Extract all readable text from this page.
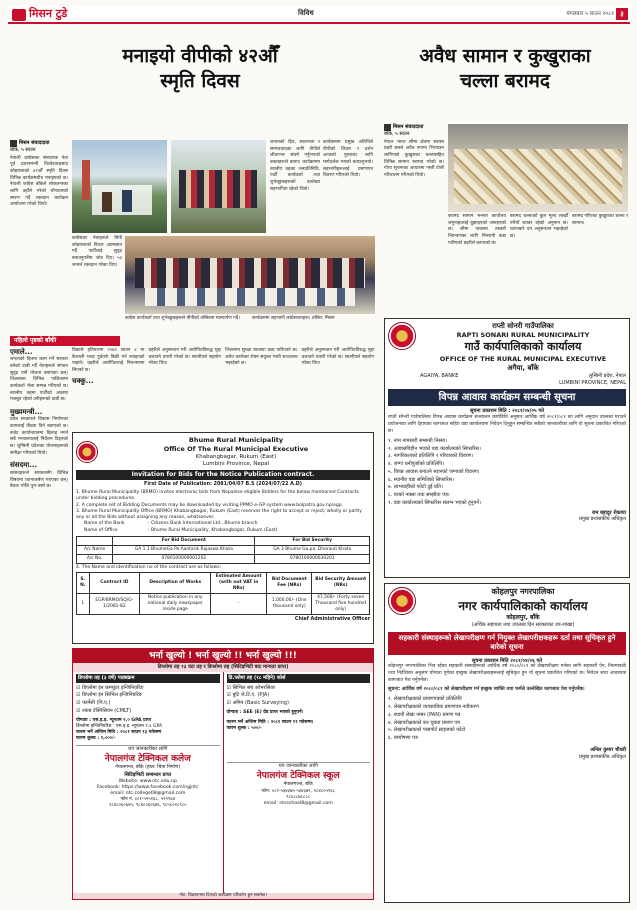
मिसन टुडे	विविध	मंगलबार ५ साउन २०८१ ३
मनाइयो वीपीको ४२औँ
स्मृति दिवस
अवैध सामान र कुखुराका
चल्ला बरामद
मिसन संवाददाता
बाँके, ५ साउन
नेपाली कांग्रेसका संस्थापक नेता पूर्व प्रधानमन्त्री विश्वेश्वरप्रसाद कोइरालाको ४२औँ स्मृति दिवस विभिन्न कार्यक्रमबीच मनाइएको छ। नेपाली कांग्रेस बाँकेले लोकतन्त्रका लागि उहाँले गरेको योगदानको स्मरण गर्दै रक्तदान कार्यक्रम आयोजना गरेको थियो।
जनताको हित, स्वतन्त्रता र समाजवादका लागि वीपीले जीवनभर संघर्ष गर्नुभएको वक्ताहरूले बताए। कार्यक्रममा स्थानीय तहका जनप्रतिनिधि, पार्टी कार्यकर्ता तथा शुभेच्छुकहरूको उल्लेख्य सहभागिता रहेको थियो।
कार्यक्रममा प्रमुख अतिथिले वीपीको विचार र दर्शन आजको पुस्ताका लागि मार्गदर्शक भएको बताउनुभयो। सहभागीहरूलाई प्रमाणपत्र वितरण गरिएको थियो।
कांग्रेसका नेताहरूले बिपी कोइरालाको विचार आत्मसात गर्दै पार्टीलाई सुदृढ बनाउनुपर्नेमा जोड दिए। ५३ जनाले रक्तदान गरेका थिए।
कांग्रेस कार्यकर्ता तथा शुभेच्छुकहरूले वीपीको तस्बिरमा माल्यार्पण गर्दै।	कार्यक्रममा सहभागी कांग्रेसजनहरू। तस्बिर: मिसन
मिसन संवाददाता
बाँके, ५ साउन
नेपाल भारत सीमा क्षेत्रमा सशस्त्र प्रहरी बलले अवैध रूपमा भित्र्याउन लागिएको कुखुराका चल्लासहित विभिन्न सामान बरामद गरेको छ। गोप्य सूचनाका आधारमा गस्ती टोली परिचालन गरिएको थियो।
बरामद सामान भन्सार कार्यालय जमुनाहालाई बुझाइएको जनाइएको छ। सीमा नाकामा तस्करी नियन्त्रणका लागि निगरानी कडा पारिएको प्रहरीले बताएको छ।
बरामद चल्लाको कुल मूल्य लाखौँ रुपैयाँ बराबर रहेको अनुमान छ। घटनाबारे थप अनुसन्धान भइरहेको छ।
बरामद गरिएका कुखुराका चल्ला र सामान।
पहिलो पृष्ठको बाँकी
एमाले...
जनताको हितमा काम गर्ने सरकार बनेको दाबी गर्दै नेताहरूले संगठन सुदृढ पार्ने योजना बनाएका छन्। जिल्लाका विभिन्न पालिकामा कार्यकर्ता भेला सम्पन्न गरिएको छ। स्थानीय तहमा पार्टीको अवस्था मजबुत रहेको उनीहरूको दाबी छ।
मुख्यमन्त्री...
प्रदेश सरकारले विकास निर्माणका कामलाई तीव्रता दिने बताएको छ। बजेट कार्यान्वयनमा ढिलाइ नगर्न सबै मन्त्रालयलाई निर्देशन दिइएको छ। लुम्बिनी प्रदेशका योजनाहरूको समीक्षा गरिएको थियो।
संसदमा...
सांसदहरूले सरकारसँग विभिन्न विषयमा ध्यानाकर्षण गराएका छन्। बैठक भोलि पुनः बस्ने छ।
विकासे हतियारमा २०७९ साउन ४ मा कैलाली भन्दा पूर्वतर्फ बिक्री गर्न ल्याइएको पाइयो। प्रहरीले आरोपितलाई नियन्त्रणमा लिएको छ।
चक्कु...
प्रहरीले अनुसन्धान गरी आरोपितविरुद्ध मुद्दा चलाउने तयारी गरेको छ। स्थानीयले सहयोग गरेका थिए।
जिल्लामा सुरक्षा व्यवस्था कडा पारिएको छ। अवैध कारोबार रोक्न संयुक्त गस्ती सञ्चालन भइरहेको छ।
प्रहरीले अनुसन्धान गरी आरोपितविरुद्ध मुद्दा चलाउने तयारी गरेको छ। स्थानीयले सहयोग गरेका थिए।
Bhume Rural Municipality
Office Of The Rural Municipal Executive
Khabangbagar, Rukum (East)
Lumbini Province, Nepal
Invitation for Bids for the Notice Publication contract.
First Date of Publication: 2081/04/07 B.S (2024/07/22 A.D)
1. Bhume Rural Municipality (BRMO) invites electronic bids from Nepalese eligible Bidders for the below mentioned Contracts under bidding procedures.
2. A complete set of Bidding Documents may be downloaded by visiting PPMO e-GP system www.bolpatra.gov.np/egp.
3. Bhume Rural Municipality Office (BRMO) Khabangbagar, Rukum (East) reserves the right to accept or reject, wholly or partly any or all the Bids without assigning any reason, whatsoever.
Name of the Bank	: Citizens Bank International Ltd., Bhume branch
Name of Office	: Bhume Rural Municipality, Khabangbagar, Rukum (East)
	For Bid Document	For Bid Security
A/c Name	GA 1.1 BhumeGa Pa Aantarik Rajaswa Khata	GA 3 Bhume Ga.pa. Dharauti Khata
A/c No.	0780100000001202	0780100000030201
4. The Name and identification no of the contract are as follows:
S. N.	Contract ID	Description of Works	Estimated Amount (with out VAT in NRs)	Bid Document Fee (NRs)	Bid Security Amount (NRs)
1	EGP/BRMO/SQ/G-1/2081-82	Notice publication in any national daily newspaper inside page	-	1,000.00/- (One thousand only)	47,500/- (Forty seven Thousand five hundred only)
Chief Administrative Officer
भर्ना खुल्यो ! भर्ना खुल्यो !! भर्ना खुल्यो !!!
डिप्लोमा तह १३ वटा तह र डिप्लोमा तह (सिटिइभिटी बाट मान्यता प्राप्त)
डिप्लोमा तह (३ वर्षे) पाठ्यक्रम
☑ डिप्लोमा इन कम्प्युटर इन्जिनियरिङ
☑ डिप्लोमा इन सिभिल इन्जिनियरिङ
☑ फार्मेसी (पि.ए.)
☑ ल्याब टेक्निसियन (CMLT)
योग्यता : एस.इ.इ. न्यूनतम २.० GPA प्राप्त
डिप्लोमा इन्जिनियरिङ : एस.इ.इ. न्यूनतम १.६ GPA
फारम भर्ने अन्तिम मिति : २०८१ साउन १३ गतेसम्म
फारम शुल्क : १,०००/-
थप जानकारीका लागि
नेपालगंज टेक्निकल कलेज
नेपालगन्ज, बाँके (हाल: चित्रा निर्माण)
सिटिइभिटी सम्बन्धन प्राप्त
Website: www.ntc.edu.np
Facebook: https://www.facebook.com/ngjntc
email: ntc.college08@gmail.com
फोन नं. ०८१-५२५१६८, ५२९९६४
९८४८०६०६४५, ९८४८०६०६४६, ९८५८०२८९८०
डि.प्लोमा तह (१८ महिने) कोर्स
☑ सिभिल सब ओभरसियर
☑ बुटि जे.टि.ए. (PJA)
☑ अमिन (Basic Surveying)
योग्यता : SEE (E) ग्रेड प्राप्त भएको हुनुपर्ने।
फारम भर्ने अन्तिम मिति : २०८१ साउन ११ गतेसम्म।
फारम शुल्क : ५००/-
थप जानकारीका लागि
नेपालगंज टेक्निकल स्कूल
नेपालगञ्ज, बाँके
फोन: ०८१-५३४३७५ ५३४३७२, ९८४८०५९६८
९८६८८७८८८८
email: ntsschool8@gmail.com
नोट: विज्ञापनमा दिएको कार्यक्रम परिवर्तन हुन सक्नेछ।
राप्ती सोनरी गाउँपालिका
RAPTI SONARI RURAL MUNICIPALITY
गाउँ कार्यपालिकाको कार्यालय
OFFICE OF THE RURAL MUNICIPAL EXECUTIVE
अगैया, बाँके
AGAIYA, BANKE	लुम्बिनी प्रदेश, नेपाल
LUMBINI PROVINCE, NEPAL
विपन्न आवास कार्यक्रम सम्बन्धी सूचना
सूचना प्रकाशन मिति : २०८१/०४/०५ गते
राप्ती सोनरी गाउँपालिका विपन्न आवास कार्यक्रम सञ्चालन कार्यविधि अनुसार आर्थिक वर्ष २०८१/०८२ का लागि अनुदान उपलब्ध गराउने प्रयोजनका लागि देहायका कागजात सहित वडा कार्यालयमा निवेदन दिनुहुन सम्बन्धित सबैको जानकारीका लागि यो सूचना प्रकाशित गरिएको छ।
१. नाम नामसारी सम्बन्धी निस्सा।
२. आवासविहीन भएको वडा कार्यालयको सिफारिस।
३. नागरिकताको प्रतिलिपि र परिवारको विवरण।
४. जग्गा धनीपुर्जाको प्रतिलिपि।
५. विपन्न आवास बनाउने स्थानको जग्गाको विवरण।
६. स्थानीय वडा समितिको सिफारिस।
७. लाभग्राहीको फोटो दुई प्रति।
८. घरको नक्सा तथा सम्झौता पत्र।
९. वडा कार्यालयको सिफारिस संलग्न भएको हुनुपर्ने।
राम बहादुर रोकाया
प्रमुख प्रशासकीय अधिकृत
कोहलपुर नगरपालिका
नगर कार्यपालिकाको कार्यालय
कोहलपुर, बाँके
(अर्थिक सहायता तथा उपलब्ध दिन सरकारका उप-शाखा)
सहकारी संस्थाहरूको लेखापरीक्षण गर्न नियुक्त लेखापरीक्षकहरू दर्ता तथा सूचिकृत हुने बारेको सूचना
सूचना प्रकाशन मिति २०८१/०४/०६ गते
कोहलपुर नगरपालिका भित्र रहेका सहकारी संस्थाहरूको आर्थिक वर्ष २०८०/०८१ को लेखापरीक्षण गर्नका लागि सहकारी ऐन, नियमावली तथा निर्देशिका अनुसार योग्यता पुगेका इच्छुक लेखापरीक्षकहरूलाई सूचिकृत हुन यो सूचना प्रकाशित गरिएको छ। निवेदन साथ आवश्यक कागजात पेश गर्नुपर्नेछ।
सूचना: आर्थिक वर्ष २०८०/०८१ को लेखापरीक्षण गर्न इच्छुक व्यक्ति तथा फर्मले उल्लेखित कागजात पेश गर्नुपर्नेछ।
१. लेखापरीक्षकको प्रमाणपत्रको प्रतिलिपि
२. लेखापरीक्षकको व्यवसायिक प्रमाणपत्र नवीकरण
३. स्थायी लेखा नम्बर (PAN) प्रमाण पत्र
४. लेखापरीक्षकको कर चुक्ता प्रमाण पत्र
५. लेखापरीक्षकको पासपोर्ट साइजको फोटो
६. स्वघोषणा पत्र
अनिल कुमार चौधरी
प्रमुख प्रशासकीय अधिकृत
